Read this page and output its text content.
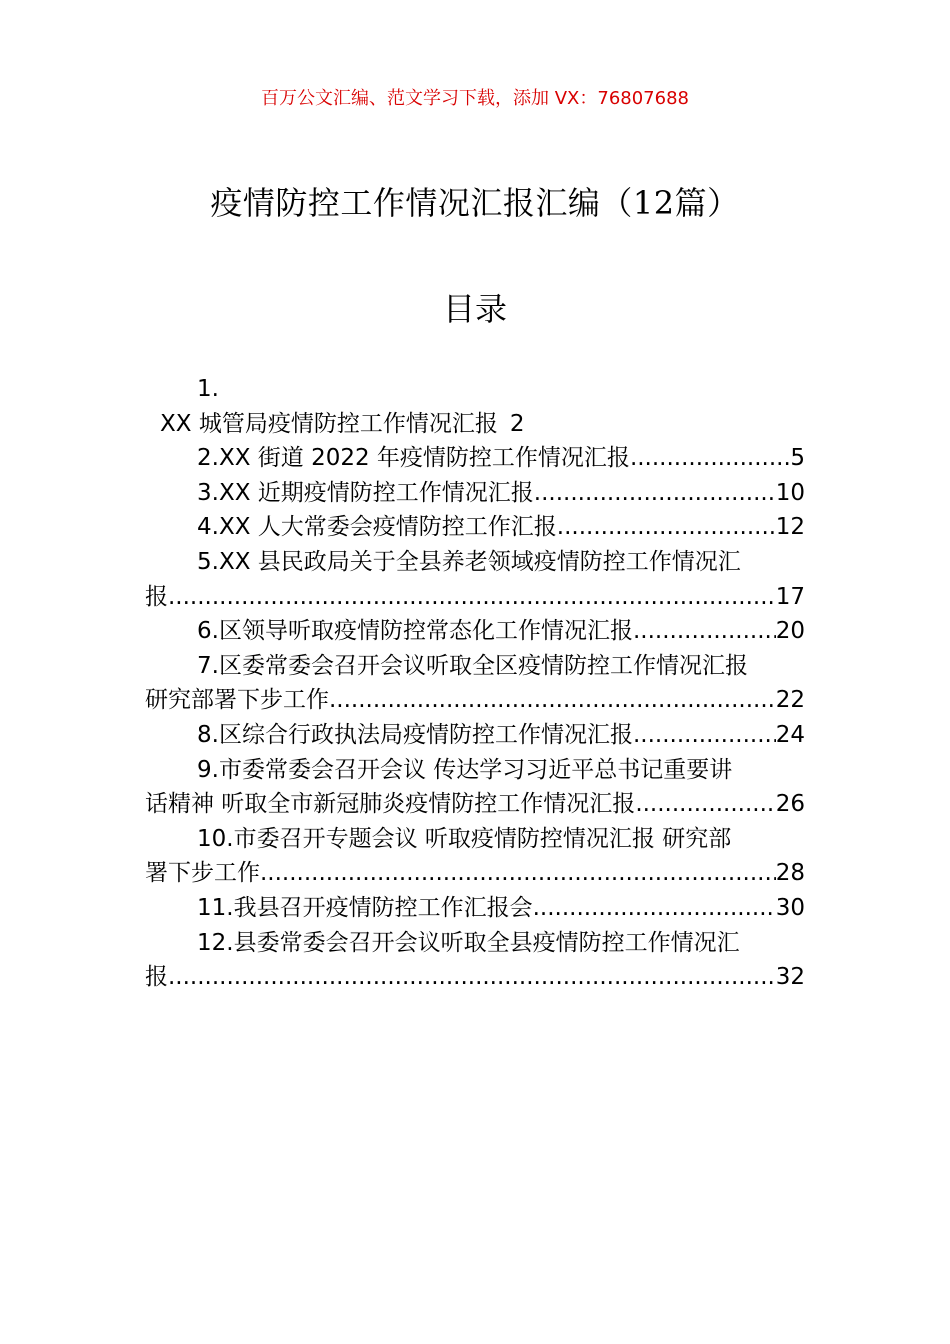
百万公文汇编、范文学习下载，添加 VX：76807688
疫情防控工作情况汇报汇编（12篇）
目录
1.
XX 城管局疫情防控工作情况汇报 2
2.XX 街道 2022 年疫情防控工作情况汇报 .....	5
3.XX 近期疫情防控工作情况汇报 .....	10
4.XX 人大常委会疫情防控工作汇报 .....	12
5.XX 县民政局关于全县养老领域疫情防控工作情况汇
报 .....	17
6.区领导听取疫情防控常态化工作情况汇报 .....	20
7.区委常委会召开会议听取全区疫情防控工作情况汇报
研究部署下步工作 .....	22
8.区综合行政执法局疫情防控工作情况汇报 .....	24
9.市委常委会召开会议 传达学习习近平总书记重要讲
话精神 听取全市新冠肺炎疫情防控工作情况汇报 .....	26
10.市委召开专题会议 听取疫情防控情况汇报 研究部
署下步工作 .....	28
11.我县召开疫情防控工作汇报会 .....	30
12.县委常委会召开会议听取全县疫情防控工作情况汇
报 .....	32
